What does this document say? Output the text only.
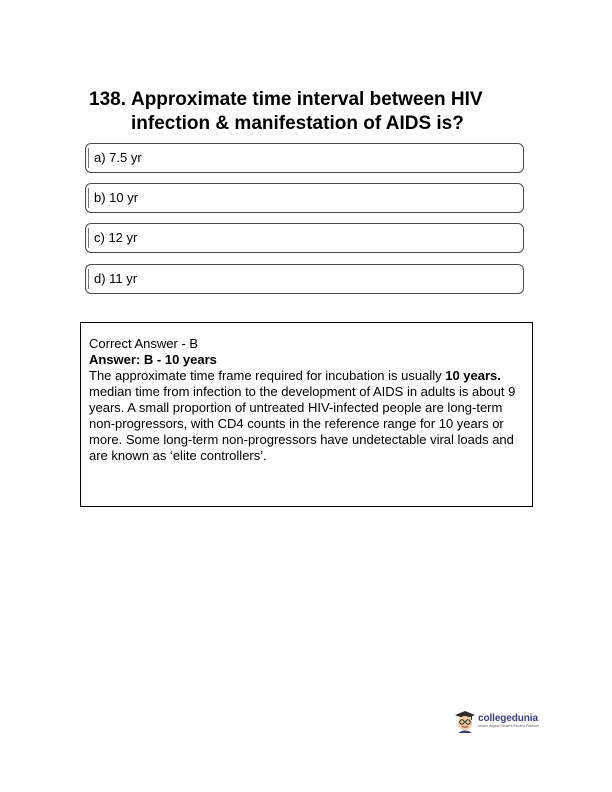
138. Approximate time interval between HIV infection & manifestation of AIDS is?
a) 7.5 yr
b) 10 yr
c) 12 yr
d) 11 yr

Correct Answer - B

Answer: B - 10 years

The approximate time frame required for incubation is usually 10 years.

median time from infection to the development of AIDS in adults is about 9 years. A small proportion of untreated HIV-infected people are long-term non-progressors, with CD4 counts in the reference range for 10 years or more. Some long-term non-progressors have undetectable viral loads and are known as ‘elite controllers’.

collegedunia
India's largest Student Review Platform
